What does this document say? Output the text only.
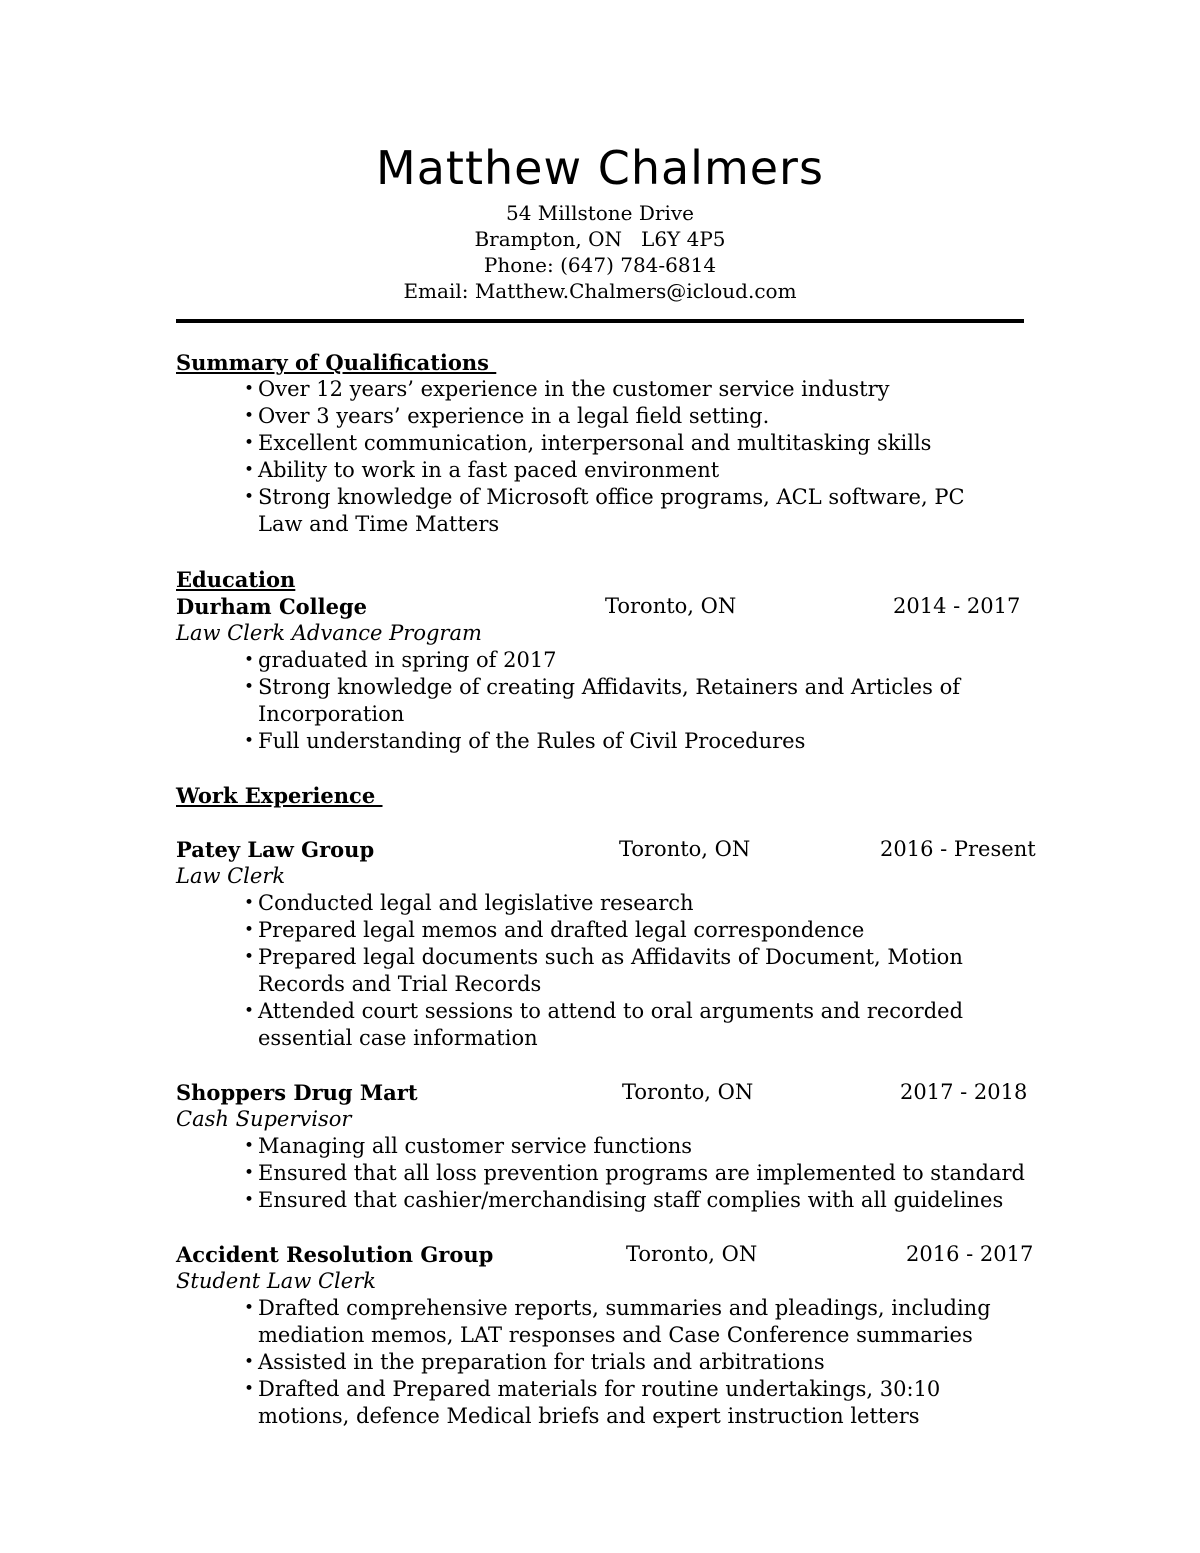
Matthew Chalmers
54 Millstone Drive
Brampton, ON   L6Y 4P5
Phone: (647) 784-6814
Email: Matthew.Chalmers@icloud.com
Summary of Qualifications
• Over 12 years’ experience in the customer service industry
• Over 3 years’ experience in a legal field setting.
• Excellent communication, interpersonal and multitasking skills
• Ability to work in a fast paced environment
• Strong knowledge of Microsoft office programs, ACL software, PC Law and Time Matters
Education
Durham College	Toronto, ON	2014 - 2017
Law Clerk Advance Program
• graduated in spring of 2017
• Strong knowledge of creating Affidavits, Retainers and Articles of Incorporation
• Full understanding of the Rules of Civil Procedures
Work Experience
Patey Law Group	Toronto, ON	2016 - Present
Law Clerk
• Conducted legal and legislative research
• Prepared legal memos and drafted legal correspondence
• Prepared legal documents such as Affidavits of Document, Motion Records and Trial Records
• Attended court sessions to attend to oral arguments and recorded essential case information
Shoppers Drug Mart	Toronto, ON	2017 - 2018
Cash Supervisor
• Managing all customer service functions
• Ensured that all loss prevention programs are implemented to standard
• Ensured that cashier/merchandising staff complies with all guidelines
Accident Resolution Group	Toronto, ON	2016 - 2017
Student Law Clerk
• Drafted comprehensive reports, summaries and pleadings, including mediation memos, LAT responses and Case Conference summaries
• Assisted in the preparation for trials and arbitrations
• Drafted and Prepared materials for routine undertakings, 30:10 motions, defence Medical briefs and expert instruction letters
